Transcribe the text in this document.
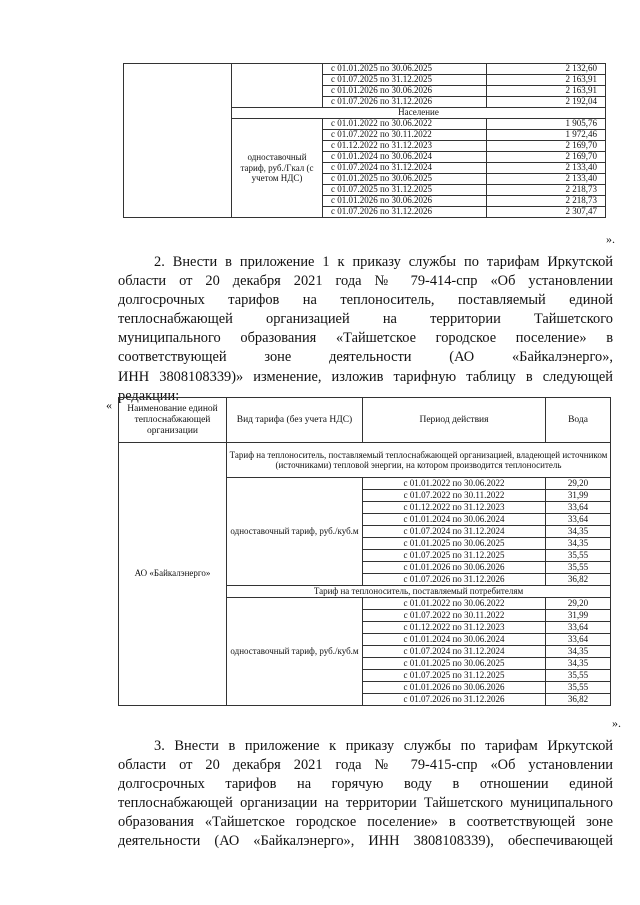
		с 01.01.2025 по 30.06.2025	2 132,60
		с 01.07.2025 по 31.12.2025	2 163,91
		с 01.01.2026 по 30.06.2026	2 163,91
		с 01.07.2026 по 31.12.2026	2 192,04
	Население		
	одноставочный тариф, руб./Гкал (с учетом НДС)	с 01.01.2022 по 30.06.2022	1 905,76
		с 01.07.2022 по 30.11.2022	1 972,46
		с 01.12.2022 по 31.12.2023	2 169,70
		с 01.01.2024 по 30.06.2024	2 169,70
		с 01.07.2024 по 31.12.2024	2 133,40
		с 01.01.2025 по 30.06.2025	2 133,40
		с 01.07.2025 по 31.12.2025	2 218,73
		с 01.01.2026 по 30.06.2026	2 218,73
		с 01.07.2026 по 31.12.2026	2 307,47
».
2. Внести в приложение 1 к приказу службы по тарифам Иркутской
области от 20 декабря 2021 года № 79-414-спр «Об установлении
долгосрочных тарифов на теплоноситель, поставляемый единой
теплоснабжающей организацией на территории Тайшетского
муниципального образования «Тайшетское городское поселение» в
соответствующей зоне деятельности (АО «Байкалэнерго»,
ИНН 3808108339)» изменение, изложив тарифную таблицу в следующей
редакции:
« Наименование единой теплоснабжающей организации	Вид тарифа (без учета НДС)	Период действия	Вода
АО «Байкалэнерго»	Тариф на теплоноситель, поставляемый теплоснабжающей организацией, владеющей источником (источниками) тепловой энергии, на котором производится теплоноситель		
	одноставочный тариф, руб./куб.м	с 01.01.2022 по 30.06.2022	29,20
		с 01.07.2022 по 30.11.2022	31,99
		с 01.12.2022 по 31.12.2023	33,64
		с 01.01.2024 по 30.06.2024	33,64
		с 01.07.2024 по 31.12.2024	34,35
		с 01.01.2025 по 30.06.2025	34,35
		с 01.07.2025 по 31.12.2025	35,55
		с 01.01.2026 по 30.06.2026	35,55
		с 01.07.2026 по 31.12.2026	36,82
	Тариф на теплоноситель, поставляемый потребителям		
	одноставочный тариф, руб./куб.м	с 01.01.2022 по 30.06.2022	29,20
		с 01.07.2022 по 30.11.2022	31,99
		с 01.12.2022 по 31.12.2023	33,64
		с 01.01.2024 по 30.06.2024	33,64
		с 01.07.2024 по 31.12.2024	34,35
		с 01.01.2025 по 30.06.2025	34,35
		с 01.07.2025 по 31.12.2025	35,55
		с 01.01.2026 по 30.06.2026	35,55
		с 01.07.2026 по 31.12.2026	36,82
».
3. Внести в приложение к приказу службы по тарифам Иркутской
области от 20 декабря 2021 года № 79-415-спр «Об установлении
долгосрочных тарифов на горячую воду в отношении единой
теплоснабжающей организации на территории Тайшетского муниципального
образования «Тайшетское городское поселение» в соответствующей зоне
деятельности (АО «Байкалэнерго», ИНН 3808108339), обеспечивающей
